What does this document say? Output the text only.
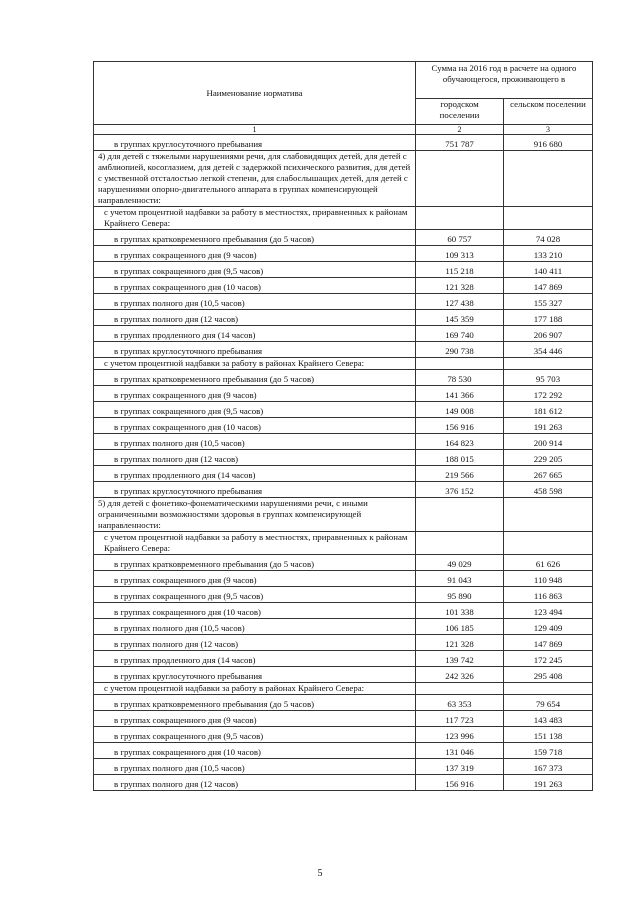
Наименование норматива	Сумма на 2016 год в расчете на одного обучающегося, проживающего в	
	городском поселении	сельском поселении
1	2	3
в группах круглосуточного пребывания	751 787	916 680
4) для детей с тяжелыми нарушениями речи, для слабовидящих детей, для детей с амблиопией, косоглазием, для детей с задержкой психического развития, для детей с умственной отсталостью легкой степени, для слабослышащих детей, для детей с нарушениями опорно-двигательного аппарата в группах компенсирующей направленности:		
с учетом процентной надбавки за работу в местностях, приравненных к районам Крайнего Севера:		
в группах кратковременного пребывания (до 5 часов)	60 757	74 028
в группах сокращенного дня (9 часов)	109 313	133 210
в группах сокращенного дня (9,5 часов)	115 218	140 411
в группах сокращенного дня (10 часов)	121 328	147 869
в группах полного дня (10,5 часов)	127 438	155 327
в группах полного дня (12 часов)	145 359	177 188
в группах продленного дня (14 часов)	169 740	206 907
в группах круглосуточного пребывания	290 738	354 446
с учетом процентной надбавки за работу в районах Крайнего Севера:		
в группах кратковременного пребывания (до 5 часов)	78 530	95 703
в группах сокращенного дня (9 часов)	141 366	172 292
в группах сокращенного дня (9,5 часов)	149 008	181 612
в группах сокращенного дня (10 часов)	156 916	191 263
в группах полного дня (10,5 часов)	164 823	200 914
в группах полного дня (12 часов)	188 015	229 205
в группах продленного дня (14 часов)	219 566	267 665
в группах круглосуточного пребывания	376 152	458 598
5) для детей с фонетико-фонематическими нарушениями речи, с иными ограниченными возможностями здоровья в группах компенсирующей направленности:		
с учетом процентной надбавки за работу в местностях, приравненных к районам Крайнего Севера:		
в группах кратковременного пребывания (до 5 часов)	49 029	61 626
в группах сокращенного дня (9 часов)	91 043	110 948
в группах сокращенного дня (9,5 часов)	95 890	116 863
в группах сокращенного дня (10 часов)	101 338	123 494
в группах полного дня (10,5 часов)	106 185	129 409
в группах полного дня (12 часов)	121 328	147 869
в группах продленного дня (14 часов)	139 742	172 245
в группах круглосуточного пребывания	242 326	295 408
с учетом процентной надбавки за работу в районах Крайнего Севера:		
в группах кратковременного пребывания (до 5 часов)	63 353	79 654
в группах сокращенного дня (9 часов)	117 723	143 483
в группах сокращенного дня (9,5 часов)	123 996	151 138
в группах сокращенного дня (10 часов)	131 046	159 718
в группах полного дня (10,5 часов)	137 319	167 373
в группах полного дня (12 часов)	156 916	191 263
5
